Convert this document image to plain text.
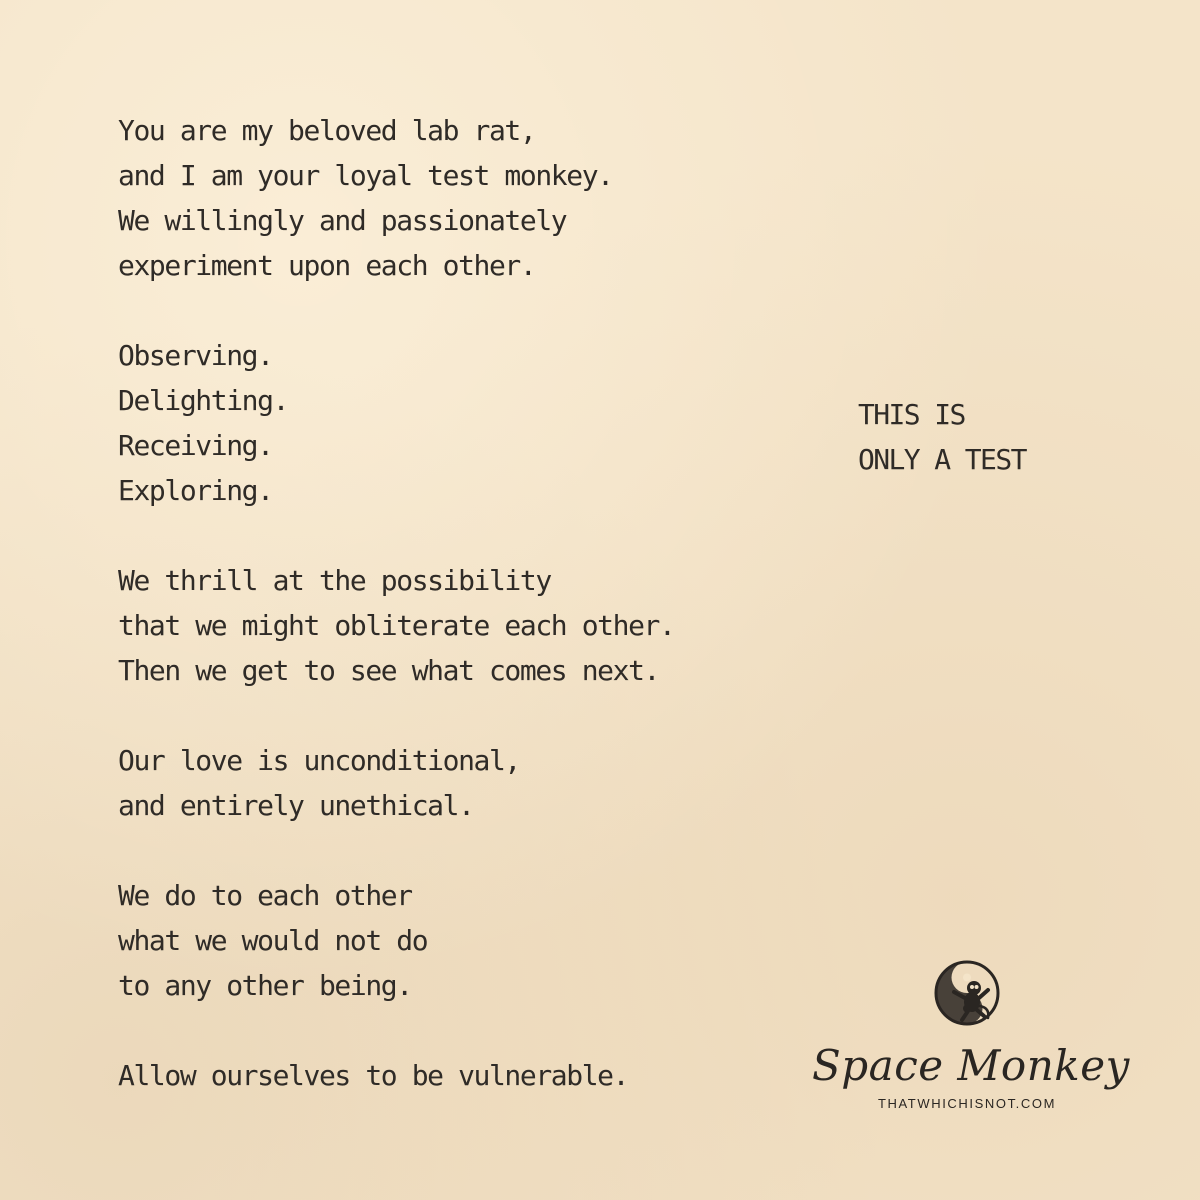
You are my beloved lab rat,
and I am your loyal test monkey.
We willingly and passionately
experiment upon each other.
Observing.
Delighting.
Receiving.
Exploring.
We thrill at the possibility
that we might obliterate each other.
Then we get to see what comes next.
Our love is unconditional,
and entirely unethical.
We do to each other
what we would not do
to any other being.
Allow ourselves to be vulnerable.
THIS IS
ONLY A TEST
Space Monkey
THATWHICHISNOT.COM
